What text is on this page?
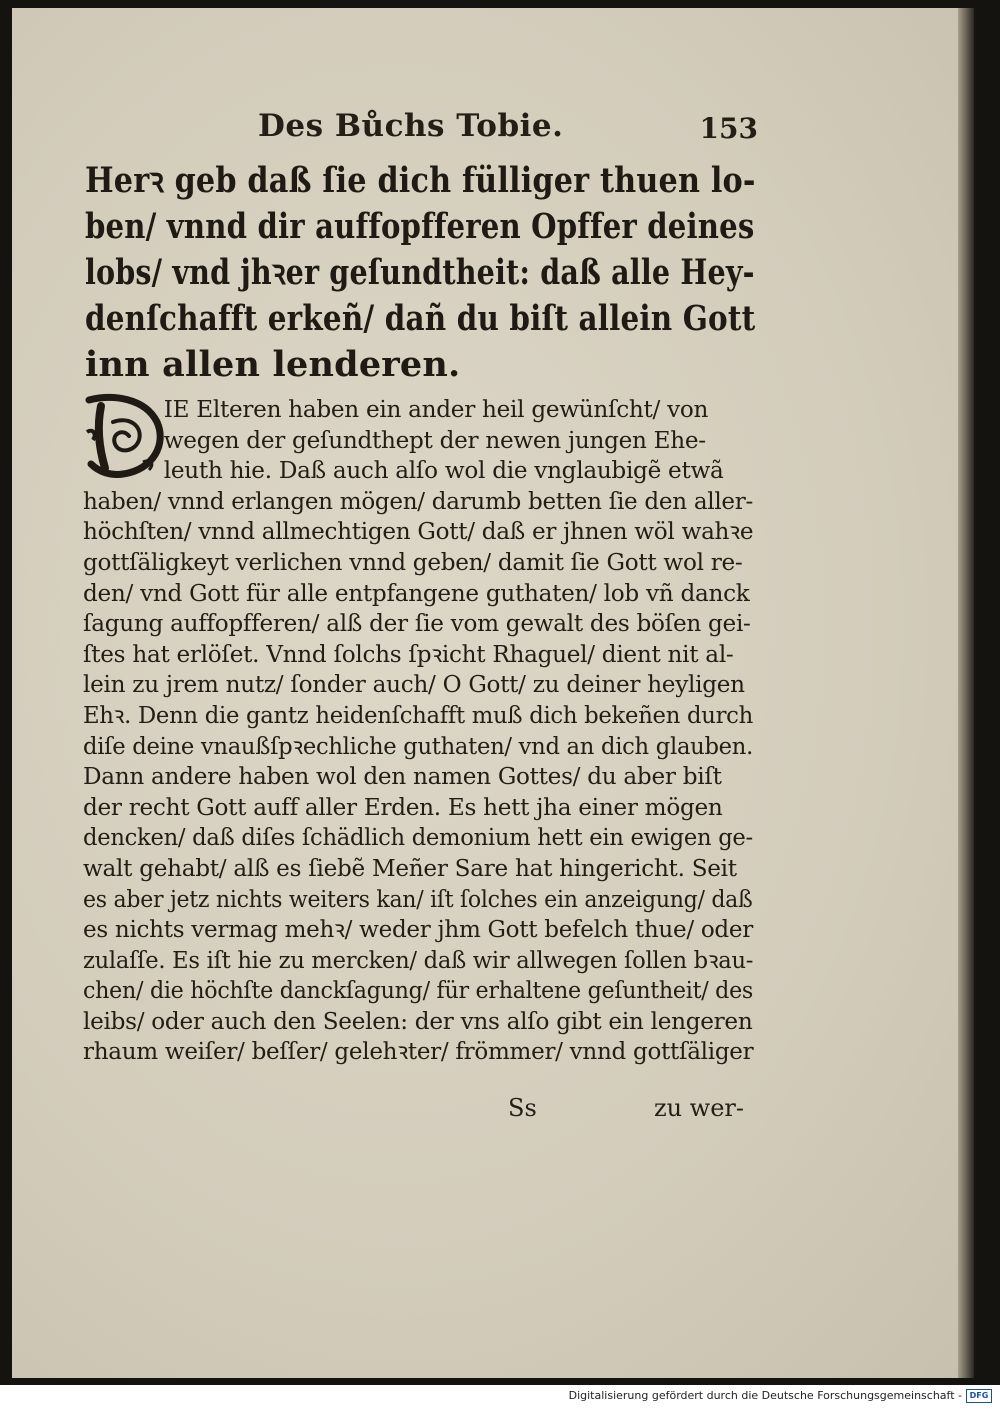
Des Bůchs Tobie.	153
Herꝛ geb daß ſie dich fülliger thuen lo-
ben/ vnnd dir auffopfferen Opffer deines
lobs/ vnd jhꝛer geſundtheit: daß alle Hey-
denſchafft erkeñ/ dañ du biſt allein Gott
inn allen lenderen.
IE Elteren haben ein ander heil gewünſcht/ von
wegen der geſundthept der newen jungen Ehe-
leuth hie. Daß auch alſo wol die vnglaubigẽ etwã
haben/ vnnd erlangen mögen/ darumb betten ſie den aller-
höchſten/ vnnd allmechtigen Gott/ daß er jhnen wöl wahꝛe
gottſäligkeyt verlichen vnnd geben/ damit ſie Gott wol re-
den/ vnd Gott für alle entpfangene guthaten/ lob vñ danck
ſagung auffopfferen/ alß der ſie vom gewalt des böſen gei-
ſtes hat erlöſet. Vnnd ſolchs ſpꝛicht Rhaguel/ dient nit al-
lein zu jrem nutz/ ſonder auch/ O Gott/ zu deiner heyligen
Ehꝛ. Denn die gantz heidenſchafft muß dich bekeñen durch
diſe deine vnaußſpꝛechliche guthaten/ vnd an dich glauben.
Dann andere haben wol den namen Gottes/ du aber biſt
der recht Gott auff aller Erden. Es hett jha einer mögen
dencken/ daß diſes ſchädlich demonium hett ein ewigen ge-
walt gehabt/ alß es ſiebẽ Meñer Sare hat hingericht. Seit
es aber jetz nichts weiters kan/ iſt ſolches ein anzeigung/ daß
es nichts vermag mehꝛ/ weder jhm Gott befelch thue/ oder
zulaſſe. Es iſt hie zu mercken/ daß wir allwegen ſollen bꝛau-
chen/ die höchſte danckſagung/ für erhaltene geſuntheit/ des
leibs/ oder auch den Seelen: der vns alſo gibt ein lengeren
rhaum weiſer/ beſſer/ gelehꝛter/ frömmer/ vnnd gottſäliger
Ss	zu wer-
Digitalisierung gefördert durch die Deutsche Forschungsgemeinschaft - DFG
